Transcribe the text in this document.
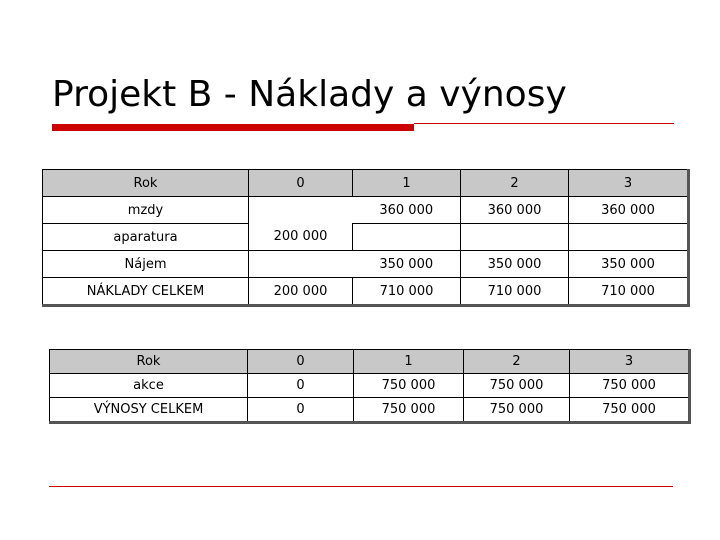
Projekt B - Náklady a výnosy
Rok	0	1	2	3
mzdy		360 000	360 000	360 000
aparatura	200 000			
Nájem		350 000	350 000	350 000
NÁKLADY CELKEM	200 000	710 000	710 000	710 000
Rok	0	1	2	3
akce	0	750 000	750 000	750 000
VÝNOSY CELKEM	0	750 000	750 000	750 000
